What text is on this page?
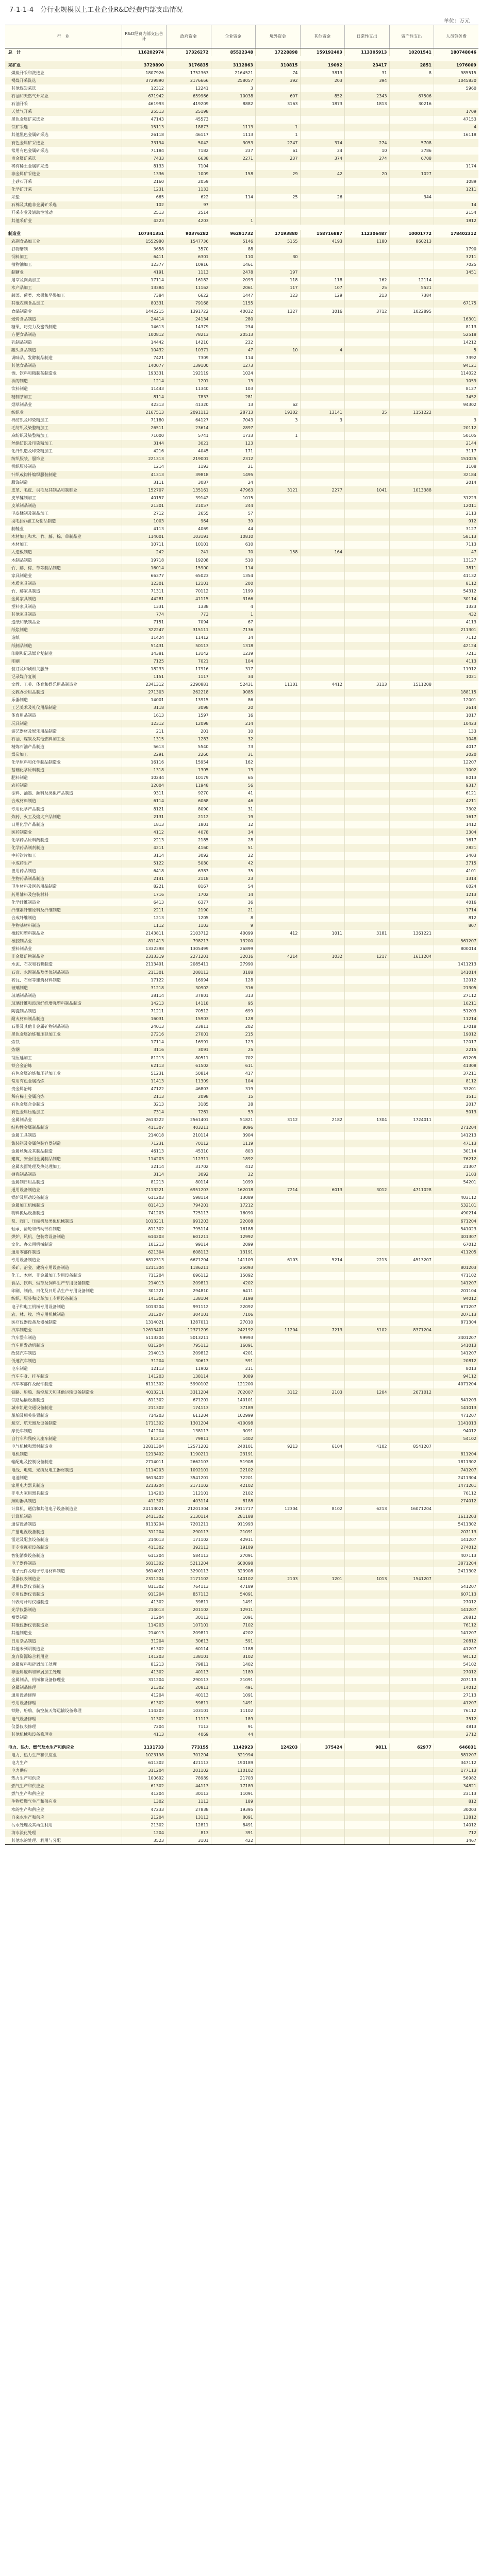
7-1-1-4　分行业规模以上工业企业R&D经费内部支出情况
单位：万元
行　业	R&D经费内部支出合计	政府资金	企业资金	境外资金	其他资金	日常性支出	资产性支出	人员劳务费
总　计	116202974	17326272	85522348	17228898	159192403	113305913	10201541	180748046

采矿业	3729890	3176835	3112863	310815	19092	23417	2851	1976009
煤炭开采和洗选业	1807926	1752363	2164521	74	3813	31	8	985515
褐煤开采洗选	3729890	2176666	258057	392	203	394		1045830
其他煤炭采选	12312	12241	3					5960
石油和天然气开采业	671942	659966	10038	607	852	2343	67506	
石油开采	461993	419209	8882	3163	1873	1813	30216	
天然气开采	25513	25198						1709
黑色金属矿采选业	47143	45573						47153
铁矿采选	15113	18873	1113	1				4
其他黑色金属矿采选	26118	46117	1113	1				16118
有色金属矿采选业	73194	5042	3053	2247	374	274	5708	
常用有色金属矿采选	71184	7182	237	61	24	10	3786	
贵金属矿采选	7433	6638	2271	237	374	274	6708	
稀有稀土金属矿采选	8133	7104						1174
非金属矿采选业	1336	1009	158	29	42	20	1027	
土砂石开采	2160	2059						1089
化学矿开采	1231	1133						1211
采盐	665	622	114	25	26		344	
石棉及其他非金属矿采选	102	97						14
开采专业及辅助性活动	2513	2514						2154
其他采矿业	4223	4203	1					1812

制造业	107341351	90376282	96291732	17193880	158716887	112306487	10001772	178402312
农副食品加工业	1552980	1547736	5146	5155	4193	1180	860213	
谷物磨制	3658	3570	88					1790
饲料加工	6411	6301	110	30				3211
植物油加工	12377	10916	1461					7025
制糖业	4191	1113	2478	197				1451
屠宰及肉类加工	17114	16182	2093	118	118	162	12114	
水产品加工	13384	11162	2061	117	107	25	5521	
蔬菜、菌类、水果和坚果加工	7384	6622	1447	123	129	213	7384	
其他农副食品加工	80331	79168	1155					67175
食品制造业	1442215	1391722	40032	1327	1016	3712	1022895	
焙烤食品制造	24414	24134	280					16301
糖果、巧克力及蜜饯制造	14613	14379	234					8113
方便食品制造	100812	78213	20513					52518
乳制品制造	14442	14210	232					14212
罐头食品制造	10432	10371	47	10	4			5
调味品、发酵制品制造	7421	7309	114					7392
其他食品制造	140077	139100	1273					94121
酒、饮料和精制茶制造业	193331	192119	1024					114022
酒的制造	1214	1201	13					1059
饮料制造	11443	11340	103					8127
精制茶加工	8114	7833	281					7452
烟草制品业	42313	41320	13	62				94302
纺织业	2167513	2091113	28713	19302	13141	35	1151222	
棉纺织及印染精加工	71180	64127	7043	3	3			3
毛纺织及染整精加工	26511	23614	2897					20112
麻纺织及染整精加工	71000	5741	1733	1				50105
丝绢纺织及印染精加工	3144	3021	123					2144
化纤织造及印染精加工	4216	4045	171					3117
纺织服装、服饰业	221313	219001	2312					151025
机织服装制造	1214	1193	21					1108
针织或钩针编织服装制造	41313	39818	1495					32184
服饰制造	3111	3087	24					2014
皮革、毛皮、羽毛及其制品和制鞋业	152707	135161	47963	3121	2277	1041	1013388	
皮革鞣制加工	40157	39142	1015					31223
皮革制品制造	21301	21057	244					12011
毛皮鞣制及制品加工	2712	2655	57					2113
羽毛(绒)加工及制品制造	1003	964	39					912
制鞋业	4113	4069	44					3127
木材加工和木、竹、藤、棕、草制品业	114001	103191	10810					58113
木材加工	10711	10101	610					7113
人造板制造	242	241	70	158	164			47
木制品制造	19718	19208	510					13127
竹、藤、棕、草等制品制造	16014	15900	114					7811
家具制造业	66377	65023	1354					41132
木质家具制造	12301	12101	200					8112
竹、藤家具制造	71311	70112	1199					54312
金属家具制造	44281	41115	3166					30114
塑料家具制造	1331	1338	4					1323
其他家具制造	774	773	1					432
造纸和纸制品业	7151	7094	67					4113
纸浆制造	322247	315111	7136					211301
造纸	11424	11412	14					7112
纸制品制造	51431	50113	1318					42124
印刷和记录媒介复制业	14381	13142	1239					7211
印刷	7125	7021	104					4113
装订及印刷相关服务	18233	17916	317					11912
记录媒介复制	1151	1117	34					1021
文教、工美、体育和娱乐用品制造业	2341312	2290881	52431	11101	4412	3113	1511208	
文教办公用品制造	271303	262218	9085					188115
乐器制造	14001	13915	86					12001
工艺美术及礼仪用品制造	3118	3098	20					2614
体育用品制造	1613	1597	16					1017
玩具制造	12312	12098	214					10423
游艺器材及娱乐用品制造	211	201	10					133
石油、煤炭及其他燃料加工业	1315	1283	32					1048
精炼石油产品制造	5613	5540	73					4017
煤炭加工	2291	2260	31					2020
化学原料和化学制品制造业	16116	15954	162					12207
基础化学原料制造	1318	1305	13					1002
肥料制造	10244	10179	65					8013
农药制造	12004	11948	56					9317
涂料、油墨、颜料及类似产品制造	9311	9270	41					6121
合成材料制造	6114	6068	46					4211
专用化学产品制造	8121	8090	31					7302
炸药、火工及焰火产品制造	2131	2112	19					1617
日用化学产品制造	1813	1801	12					1412
医药制造业	4112	4078	34					3304
化学药品原料药制造	2213	2185	28					1617
化学药品制剂制造	4211	4160	51					2821
中药饮片加工	3114	3092	22					2403
中成药生产	5122	5080	42					3715
兽用药品制造	6418	6383	35					4101
生物药品制品制造	2141	2118	23					1314
卫生材料及医药用品制造	8221	8167	54					6024
药用辅料及包装材料	1716	1702	14					1213
化学纤维制造业	6413	6377	36					4016
纤维素纤维原料及纤维制造	2211	2190	21					1714
合成纤维制造	1213	1205	8					812
生物基材料制造	1112	1103	9					807
橡胶和塑料制品业	2143811	2103712	40099	412	1011	3181	1361221	
橡胶制品业	811413	798213	13200					561207
塑料制品业	1332398	1305499	26899					800014
非金属矿物制品业	2313319	2271201	32016	4214	1032	1217	1611204	
水泥、石灰和石膏制造	2113401	2085411	27990					1411213
石膏、水泥制品及类似制品制造	211301	208113	3188					141014
砖瓦、石材等建筑材料制造	17122	16994	128					12012
玻璃制造	31218	30902	316					21305
玻璃制品制造	38114	37801	313					27112
玻璃纤维和玻璃纤维增强塑料制品制造	14213	14118	95					10211
陶瓷制品制造	71211	70512	699					51203
耐火材料制品制造	16031	15903	128					11214
石墨及其他非金属矿物制品制造	24013	23811	202					17018
黑色金属冶炼和压延加工业	27216	27001	215					19012
炼铁	17114	16991	123					12017
炼钢	3116	3091	25					2215
钢压延加工	81213	80511	702					61205
铁合金冶炼	62113	61502	611					41308
有色金属冶炼和压延加工业	51231	50814	417					37211
常用有色金属冶炼	11413	11309	104					8112
贵金属冶炼	47122	46803	319					33201
稀有稀土金属冶炼	2113	2098	15					1511
有色金属合金制造	3213	3185	28					2017
有色金属压延加工	7314	7261	53					5013
金属制品业	2613222	2561401	51821	3112	2182	1304	1724011	
结构性金属制品制造	411307	403211	8096					271204
金属工具制造	214018	210114	3904					141213
集装箱及金属包装容器制造	71231	70112	1119					47113
金属丝绳及其制品制造	46113	45310	803					30114
建筑、安全用金属制品制造	114203	112311	1892					76212
金属表面处理及热处理加工	32114	31702	412					21307
搪瓷制品制造	3114	3092	22					2103
金属制日用品制造	81213	80114	1099					54201
通用设备制造业	7113221	6951203	162018	7214	6013	3012	4711028	
锅炉及原动设备制造	611203	598114	13089					403112
金属加工机械制造	811413	794201	17212					532101
物料搬运设备制造	741203	725113	16090					490214
泵、阀门、压缩机及类似机械制造	1013211	991203	22008					671204
轴承、齿轮和传动部件制造	811302	795114	16188					541023
烘炉、风机、包装等设备制造	614203	601211	12992					401307
文化、办公用机械制造	101213	99114	2099					67012
通用零部件制造	621304	608113	13191					411205
专用设备制造业	6812313	6671204	141109	6103	5214	2213	4513207	
采矿、冶金、建筑专用设备制造	1211304	1186211	25093					801203
化工、木材、非金属加工专用设备制造	711204	696112	15092					471102
食品、饮料、烟草及饲料生产专用设备制造	214013	209811	4202					141207
印刷、制药、日化及日用品生产专用设备制造	301221	294810	6411					201104
纺织、服装和皮革加工专用设备制造	141302	138104	3198					94012
电子和电工机械专用设备制造	1013204	991112	22092					671207
农、林、牧、渔专用机械制造	311207	304101	7106					207113
医疗仪器设备及器械制造	1314021	1287011	27010					871304
汽车制造业	12613401	12371209	242192	11204	7213	5102	8371204	
汽车整车制造	5113204	5013211	99993					3401207
汽车用发动机制造	811204	795113	16091					541013
改装汽车制造	214013	209812	4201					141207
低速汽车制造	31204	30613	591					20812
电车制造	12113	11902	211					8013
汽车车身、挂车制造	141203	138114	3089					94112
汽车零部件及配件制造	6111302	5990102	121200					4071204
铁路、船舶、航空航天和其他运输设备制造业	4013211	3311204	702007	3112	2103	1204	2671012	
铁路运输设备制造	811302	671201	140101					541203
城市轨道交通设备制造	211302	174113	37189					141013
船舶及相关装置制造	714203	611204	102999					471207
航空、航天器及设备制造	1711302	1301204	410098					1141013
摩托车制造	141204	138113	3091					94012
自行车和残疾人座车制造	81213	79811	1402					54102
电气机械和器材制造业	12811304	12571203	240101	9213	6104	4102	8541207	
电机制造	1213402	1190211	23191					811204
输配电及控制设备制造	2714011	2662103	51908					1811302
电线、电缆、光缆及电工器材制造	1114203	1092101	22102					741207
电池制造	3613402	3541201	72201					2411304
家用电力器具制造	2213204	2171102	42102					1471201
非电力家用器具制造	114203	112101	2102					76112
照明器具制造	411302	403114	8188					274012
计算机、通信和其他电子设备制造业	24113021	21201304	2911717	12304	8102	6213	16071204	
计算机制造	2411302	2130114	281188					1611203
通信设备制造	8113204	7201211	911993					5411302
广播电视设备制造	311204	290113	21091					207113
雷达及配套设备制造	214013	171102	42911					141207
非专业视听设备制造	411302	392113	19189					274012
智能消费设备制造	611204	584113	27091					407113
电子器件制造	5811302	5211204	600098					3871204
电子元件及电子专用材料制造	3614021	3290113	323908					2411302
仪器仪表制造业	2311204	2171102	140102	2103	1201	1013	1541207	
通用仪器仪表制造	811302	764113	47189					541207
专用仪器仪表制造	911204	857113	54091					607113
钟表与计时仪器制造	41302	39811	1491					27012
光学仪器制造	214013	201102	12911					141207
衡器制造	31204	30113	1091					20812
其他仪器仪表制造业	114203	107101	7102					76112
其他制造业	214013	209811	4202					141207
日用杂品制造	31204	30613	591					20812
其他未列明制造业	61302	60114	1188					41207
废弃资源综合利用业	141203	138101	3102					94112
金属废料和碎屑加工处理	81213	79811	1402					54102
非金属废料和碎屑加工处理	41302	40113	1189					27012
金属制品、机械和设备修理业	311204	290113	21091					207113
金属制品修理	21302	20811	491					14012
通用设备修理	41204	40113	1091					27113
专用设备修理	61302	59811	1491					41207
铁路、船舶、航空航天等运输设备修理	114203	103101	11102					76112
电气设备修理	11302	11113	189					7512
仪器仪表修理	7204	7113	91					4813
其他机械和设备修理业	4113	4069	44					2712

电力、热力、燃气及水生产和供应业	1131733	773155	1142923	124203	375424	9811	62977	646031
电力、热力生产和供应业	1023198	701204	321994					581207
电力生产	611302	421113	190189					347112
电力供应	311204	201102	110102					177113
热力生产和供应	100692	78989	21703					56982
燃气生产和供应业	61302	44113	17189					34821
燃气生产和供应业	41204	30113	11091					23113
生物质燃气生产和供应业	1302	1113	189					812
水的生产和供应业	47233	27838	19395					30003
自来水生产和供应	21204	13113	8091					13812
污水处理及其再生利用	21302	12811	8491					14012
海水淡化处理	1204	813	391					712
其他水的处理、利用与分配	3523	3101	422					1467
